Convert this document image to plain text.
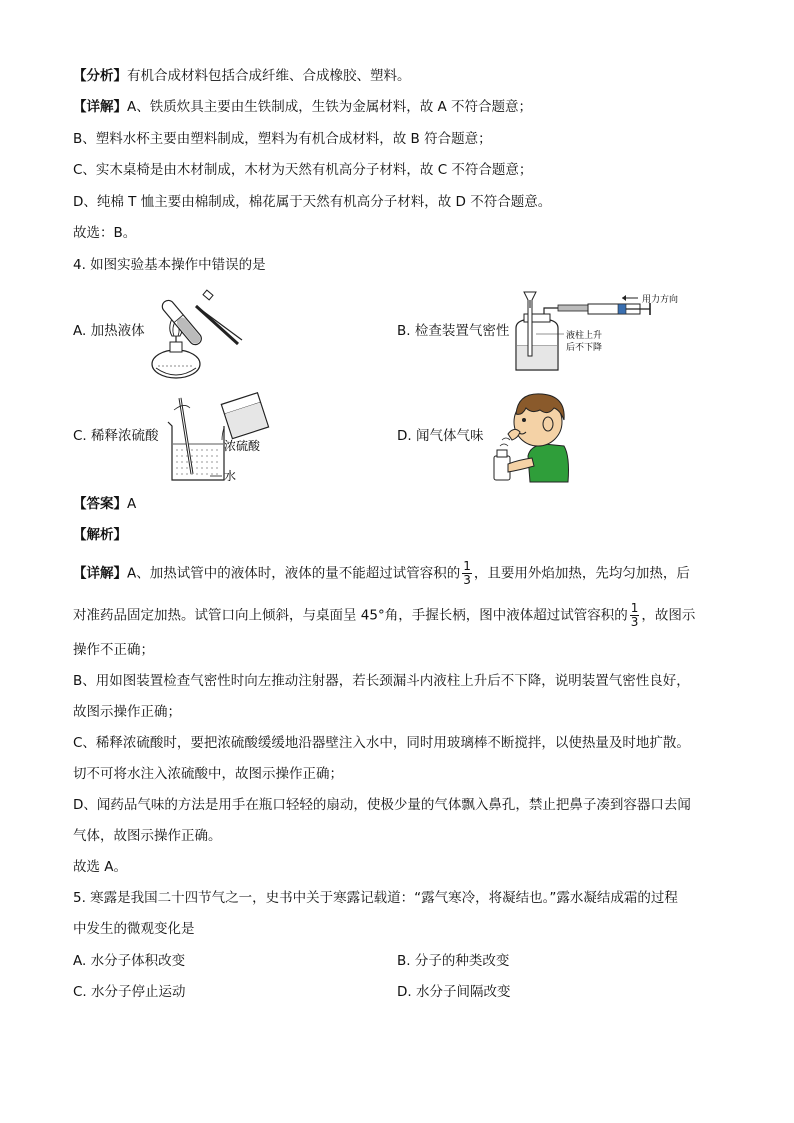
【分析】有机合成材料包括合成纤维、合成橡胶、塑料。
【详解】A、铁质炊具主要由生铁制成，生铁为金属材料，故 A 不符合题意；
B、塑料水杯主要由塑料制成，塑料为有机合成材料，故 B 符合题意；
C、实木桌椅是由木材制成，木材为天然有机高分子材料，故 C 不符合题意；
D、纯棉 T 恤主要由棉制成，棉花属于天然有机高分子材料，故 D 不符合题意。
故选：B。
4. 如图实验基本操作中错误的是
A. 加热液体	B. 检查装置气密性
用力方向
液柱上升
后不下降
C. 稀释浓硫酸
浓硫酸
水
D. 闻气体气味
【答案】A
【解析】
【详解】A、加热试管中的液体时，液体的量不能超过试管容积的 $\frac{1}{3}$ ，且要用外焰加热，先均匀加热，后
对准药品固定加热。试管口向上倾斜，与桌面呈 45°角，手握长柄，图中液体超过试管容积的 $\frac{1}{3}$ ，故图示
操作不正确；
B、用如图装置检查气密性时向左推动注射器，若长颈漏斗内液柱上升后不下降，说明装置气密性良好，
故图示操作正确；
C、稀释浓硫酸时，要把浓硫酸缓缓地沿器壁注入水中，同时用玻璃棒不断搅拌，以使热量及时地扩散。
切不可将水注入浓硫酸中，故图示操作正确；
D、闻药品气味的方法是用手在瓶口轻轻的扇动，使极少量的气体飘入鼻孔，禁止把鼻子凑到容器口去闻
气体，故图示操作正确。
故选 A。
5. 寒露是我国二十四节气之一，史书中关于寒露记载道：“露气寒冷，将凝结也。”露水凝结成霜的过程
中发生的微观变化是
A. 水分子体积改变	B. 分子的种类改变
C. 水分子停止运动	D. 水分子间隔改变
